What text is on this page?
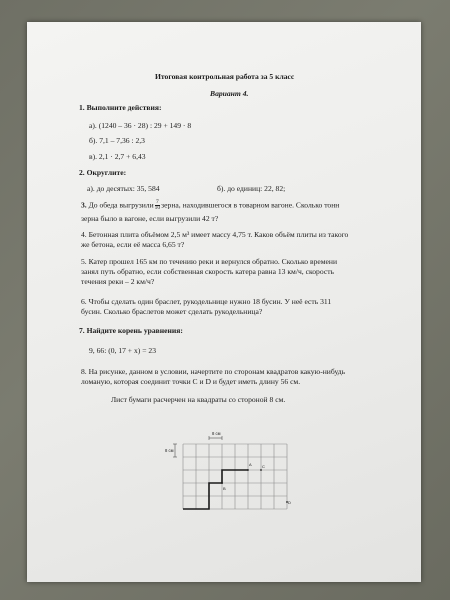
Итоговая контрольная работа за 5 класс
Вариант 4.
1. Выполните действия:
а). (1240 – 36 · 28) : 29 + 149 · 8
б). 7,1 – 7,36 : 2,3
в). 2,1 · 2,7 + 6,43
2. Округлите:
а). до десятых: 35, 584	б). до единиц: 22, 82;
3. До обеда выгрузили $\frac{7}{10}$ зерна, находившегося в товарном вагоне. Сколько тонн
зерна было в вагоне, если выгрузили 42 т?
4. Бетонная плита объёмом 2,5 м³ имеет массу 4,75 т. Каков объём плиты из такого
же бетона, если её масса 6,65 т?
5. Катер прошел 165 км по течению реки и вернулся обратно. Сколько времени
занял путь обратно, если собственная скорость катера равна 13 км/ч, скорость
течения реки – 2 км/ч?
6. Чтобы сделать один браслет, рукодельнице нужно 18 бусин. У неё есть 311
бусин. Сколько браслетов может сделать рукодельница?
7. Найдите корень уравнения:
9, 66: (0, 17 + x) = 23
8. На рисунке, данном в условии, начертите по сторонам квадратов какую-нибудь
ломаную, которая соединит точки C и D и будет иметь длину 56 см.
Лист бумаги расчерчен на квадраты со стороной 8 см.
8 см
8 см
A
B
C
D
